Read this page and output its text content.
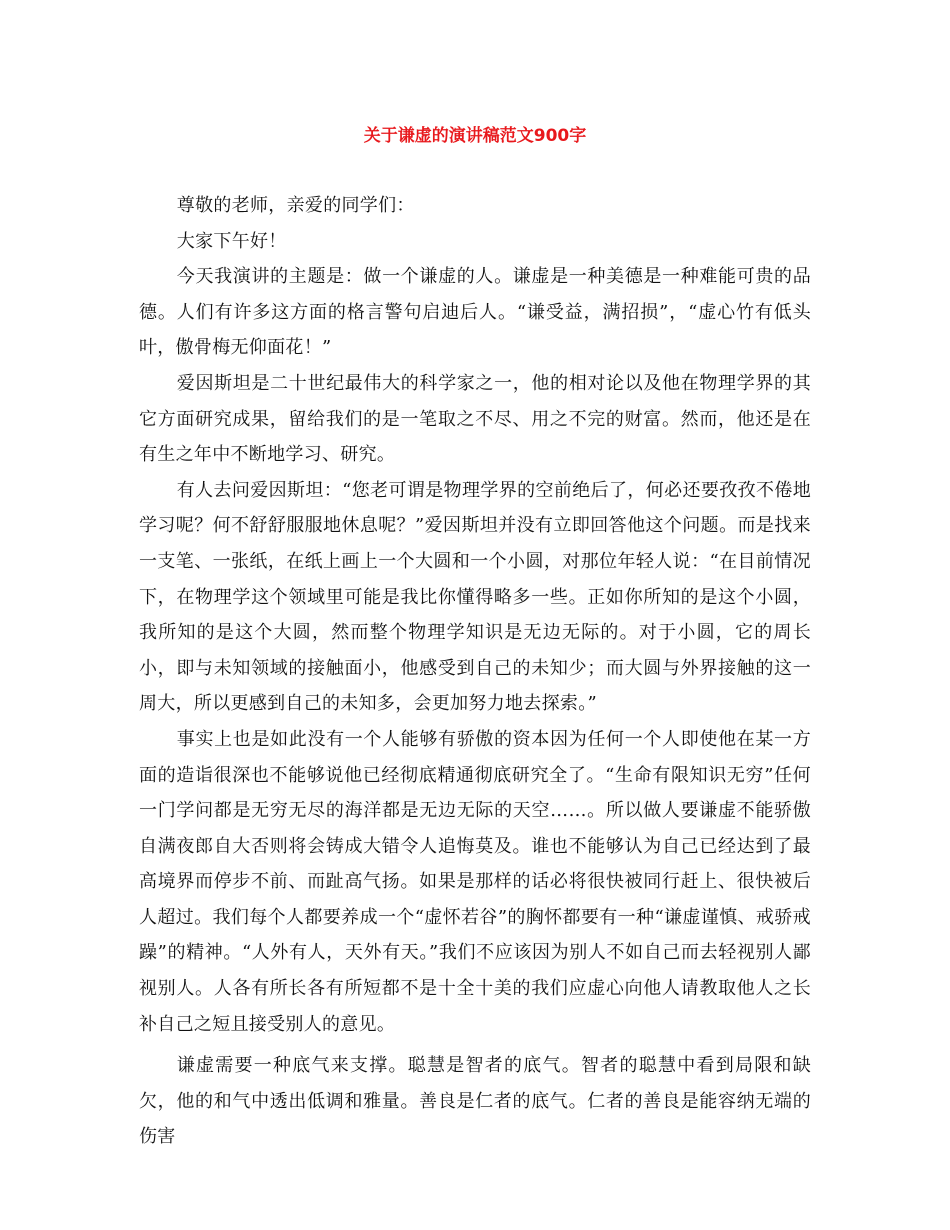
关于谦虚的演讲稿范文900字

尊敬的老师，亲爱的同学们：

大家下午好！

今天我演讲的主题是：做一个谦虚的人。谦虚是一种美德是一种难能可贵的品德。人们有许多这方面的格言警句启迪后人。“谦受益，满招损”，“虚心竹有低头叶，傲骨梅无仰面花！”

爱因斯坦是二十世纪最伟大的科学家之一，他的相对论以及他在物理学界的其它方面研究成果，留给我们的是一笔取之不尽、用之不完的财富。然而，他还是在有生之年中不断地学习、研究。

有人去问爱因斯坦：“您老可谓是物理学界的空前绝后了，何必还要孜孜不倦地学习呢？何不舒舒服服地休息呢？”爱因斯坦并没有立即回答他这个问题。而是找来一支笔、一张纸，在纸上画上一个大圆和一个小圆，对那位年轻人说：“在目前情况下，在物理学这个领域里可能是我比你懂得略多一些。正如你所知的是这个小圆，我所知的是这个大圆，然而整个物理学知识是无边无际的。对于小圆，它的周长小，即与未知领域的接触面小，他感受到自己的未知少；而大圆与外界接触的这一周大，所以更感到自己的未知多，会更加努力地去探索。”

事实上也是如此没有一个人能够有骄傲的资本因为任何一个人即使他在某一方面的造诣很深也不能够说他已经彻底精通彻底研究全了。“生命有限知识无穷”任何一门学问都是无穷无尽的海洋都是无边无际的天空……。所以做人要谦虚不能骄傲自满夜郎自大否则将会铸成大错令人追悔莫及。谁也不能够认为自己已经达到了最高境界而停步不前、而趾高气扬。如果是那样的话必将很快被同行赶上、很快被后人超过。我们每个人都要养成一个“虚怀若谷”的胸怀都要有一种“谦虚谨慎、戒骄戒躁”的精神。“人外有人，天外有天。”我们不应该因为别人不如自己而去轻视别人鄙视别人。人各有所长各有所短都不是十全十美的我们应虚心向他人请教取他人之长补自己之短且接受别人的意见。

谦虚需要一种底气来支撑。聪慧是智者的底气。智者的聪慧中看到局限和缺欠，他的和气中透出低调和雅量。善良是仁者的底气。仁者的善良是能容纳无端的伤害
